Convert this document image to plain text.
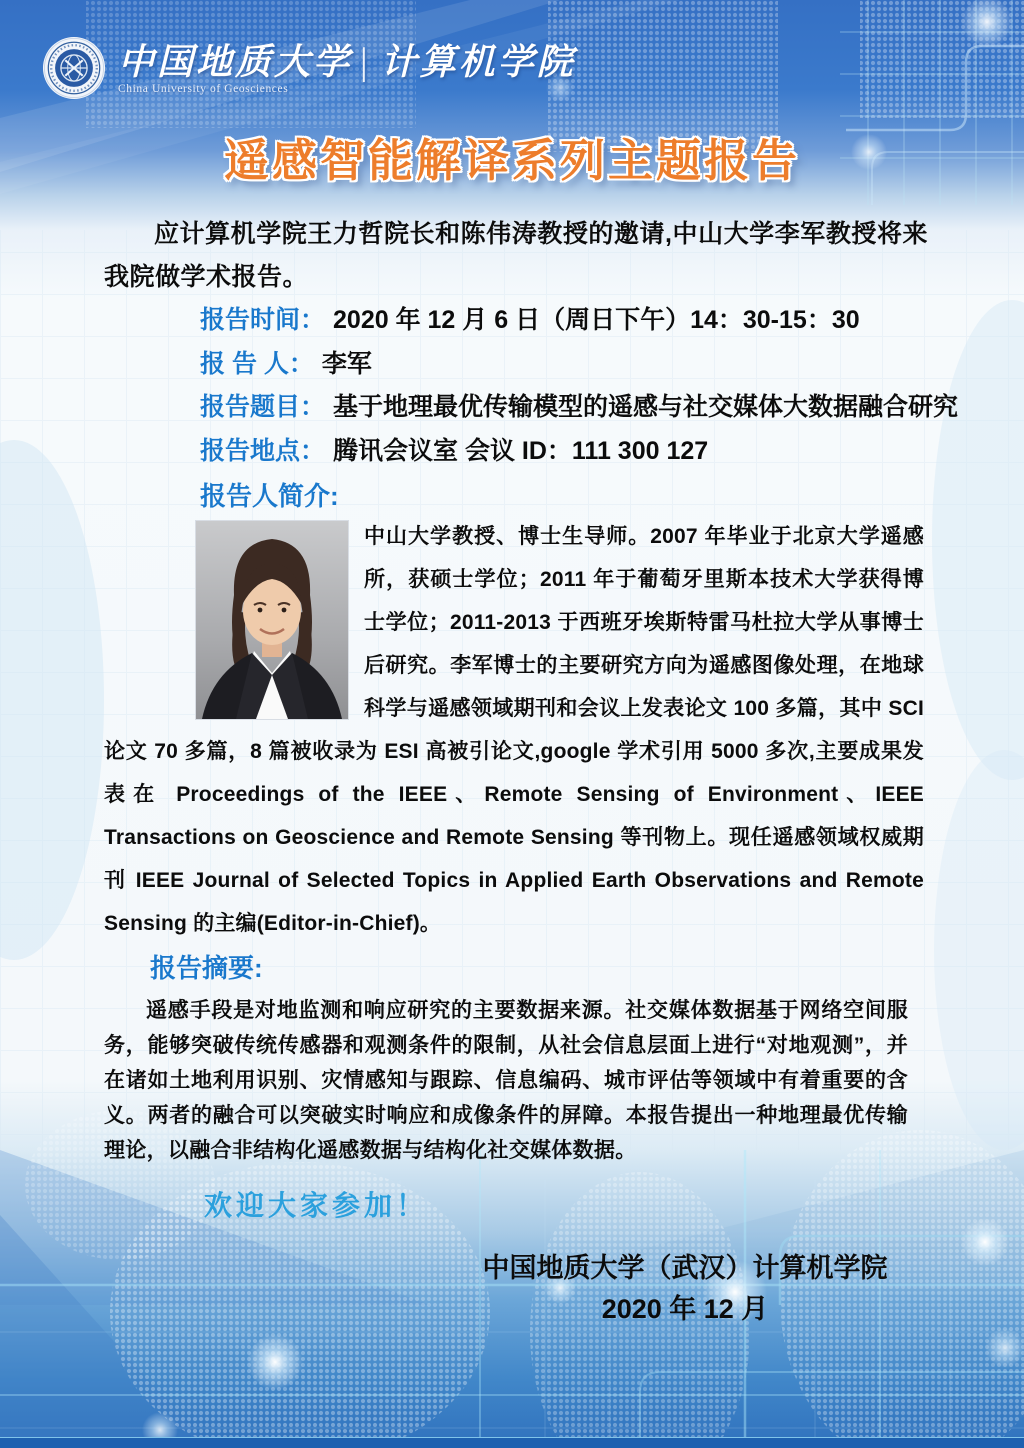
中国地质大学 | 计算机学院
China University of Geosciences
遥感智能解译系列主题报告

应计算机学院王力哲院长和陈伟涛教授的邀请,中山大学李军教授将来我院做学术报告。

报告时间： 2020 年 12 月 6 日（周日下午）14：30-15：30
报 告 人： 李军
报告题目： 基于地理最优传输模型的遥感与社交媒体大数据融合研究
报告地点： 腾讯会议室 会议 ID：111 300 127
报告人简介:

中山大学教授、博士生导师。2007 年毕业于北京大学遥感所，获硕士学位；2011 年于葡萄牙里斯本技术大学获得博士学位；2011-2013 于西班牙埃斯特雷马杜拉大学从事博士后研究。李军博士的主要研究方向为遥感图像处理，在地球科学与遥感领域期刊和会议上发表论文 100 多篇，其中 SCI 论文 70 多篇，8 篇被收录为 ESI 高被引论文,google 学术引用 5000 多次,主要成果发表在 Proceedings of the IEEE、Remote Sensing of Environment、IEEE Transactions on Geoscience and Remote Sensing 等刊物上。现任遥感领域权威期刊 IEEE Journal of Selected Topics in Applied Earth Observations and Remote Sensing 的主编(Editor-in-Chief)。

报告摘要:

遥感手段是对地监测和响应研究的主要数据来源。社交媒体数据基于网络空间服务，能够突破传统传感器和观测条件的限制，从社会信息层面上进行“对地观测”，并在诸如土地利用识别、灾情感知与跟踪、信息编码、城市评估等领域中有着重要的含义。两者的融合可以突破实时响应和成像条件的屏障。本报告提出一种地理最优传输理论，以融合非结构化遥感数据与结构化社交媒体数据。

欢迎大家参加！

中国地质大学（武汉）计算机学院
2020 年 12 月
